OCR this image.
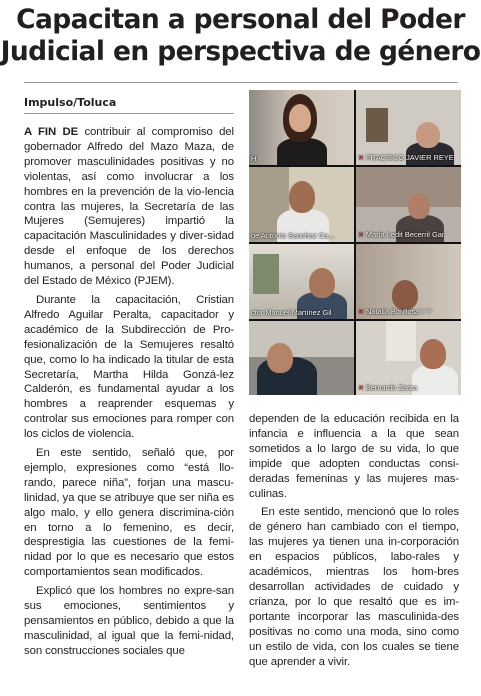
Capacitan a personal del Poder
Judicial en perspectiva de género
Impulso/Toluca

A FIN DE contribuir al compromiso del gobernador Alfredo del Mazo Maza, de promover masculinidades positivas y no violentas, así como involucrar a los hombres en la prevención de la vio-lencia contra las mujeres, la Secretaría de las Mujeres (Semujeres) impartió la capacitación Masculinidades y diver-sidad desde el enfoque de los derechos humanos, a personal del Poder Judicial del Estado de México (PJEM).

Durante la capacitación, Cristian Alfredo Aguilar Peralta, capacitador y académico de la Subdirección de Pro-fesionalización de la Semujeres resaltó que, como lo ha indicado la titular de esta Secretaría, Martha Hilda Gonzá-lez Calderón, es fundamental ayudar a los hombres a reaprender esquemas y controlar sus emociones para romper con los ciclos de violencia.

En este sentido, señaló que, por ejemplo, expresiones como “está llo-rando, parece niña”, forjan una mascu-linidad, ya que se atribuye que ser niña es algo malo, y ello genera discrimina-ción en torno a lo femenino, es decir, desprestigia las cuestiones de la femi-nidad por lo que es necesario que estos comportamientos sean modificados.

Explicó que los hombres no expre-san sus emociones, sentimientos y pensamientos en público, debido a que la masculinidad, al igual que la femi-nidad, son construcciones sociales que

H	✕ FRACISCO JAVIER REYE
ge Antonio Sanchez Ca...	✕ María Ledit Becerril Gar
ctor Manuel Martínez Gil	✕ Natalia Boullosa♡♡
✕ Bernardo Zarza

dependen de la educación recibida en la infancia e influencia a la que sean sometidos a lo largo de su vida, lo que impide que adopten conductas consi-deradas femeninas y las mujeres mas-culinas.

En este sentido, mencionó que lo roles de género han cambiado con el tiempo, las mujeres ya tienen una in-corporación en espacios públicos, labo-rales y académicos, mientras los hom-bres desarrollan actividades de cuidado y crianza, por lo que resaltó que es im-portante incorporar las masculinida-des positivas no como una moda, sino como un estilo de vida, con los cuales se tiene que aprender a vivir.
